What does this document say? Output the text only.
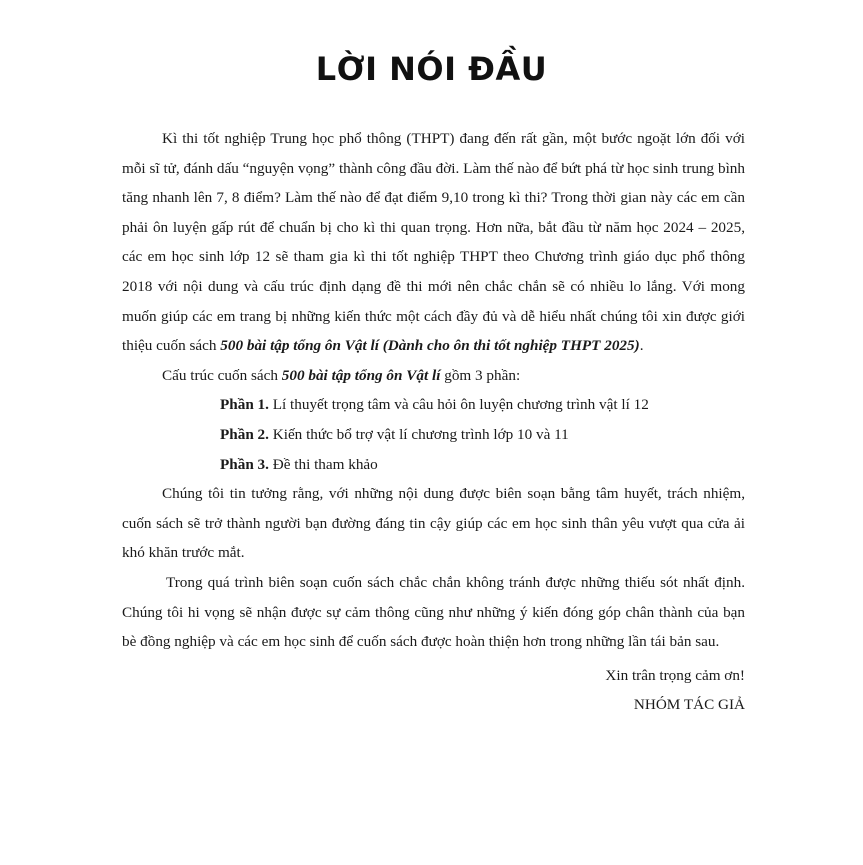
LỜI NÓI ĐẦU

Kì thi tốt nghiệp Trung học phổ thông (THPT) đang đến rất gần, một bước ngoặt lớn đối với mỗi sĩ tử, đánh dấu “nguyện vọng” thành công đầu đời. Làm thế nào để bứt phá từ học sinh trung bình tăng nhanh lên 7, 8 điểm? Làm thế nào để đạt điểm 9,10 trong kì thi? Trong thời gian này các em cần phải ôn luyện gấp rút để chuẩn bị cho kì thi quan trọng. Hơn nữa, bắt đầu từ năm học 2024 – 2025, các em học sinh lớp 12 sẽ tham gia kì thi tốt nghiệp THPT theo Chương trình giáo dục phổ thông 2018 với nội dung và cấu trúc định dạng đề thi mới nên chắc chắn sẽ có nhiều lo lắng. Với mong muốn giúp các em trang bị những kiến thức một cách đầy đủ và dễ hiểu nhất chúng tôi xin được giới thiệu cuốn sách 500 bài tập tổng ôn Vật lí (Dành cho ôn thi tốt nghiệp THPT 2025).

Cấu trúc cuốn sách 500 bài tập tổng ôn Vật lí gồm 3 phần:

Phần 1. Lí thuyết trọng tâm và câu hỏi ôn luyện chương trình vật lí 12

Phần 2. Kiến thức bổ trợ vật lí chương trình lớp 10 và 11

Phần 3. Đề thi tham khảo

Chúng tôi tin tưởng rằng, với những nội dung được biên soạn bằng tâm huyết, trách nhiệm, cuốn sách sẽ trở thành người bạn đường đáng tin cậy giúp các em học sinh thân yêu vượt qua cửa ải khó khăn trước mắt.

Trong quá trình biên soạn cuốn sách chắc chắn không tránh được những thiếu sót nhất định. Chúng tôi hi vọng sẽ nhận được sự cảm thông cũng như những ý kiến đóng góp chân thành của bạn bè đồng nghiệp và các em học sinh để cuốn sách được hoàn thiện hơn trong những lần tái bản sau.

Xin trân trọng cảm ơn!

NHÓM TÁC GIẢ
